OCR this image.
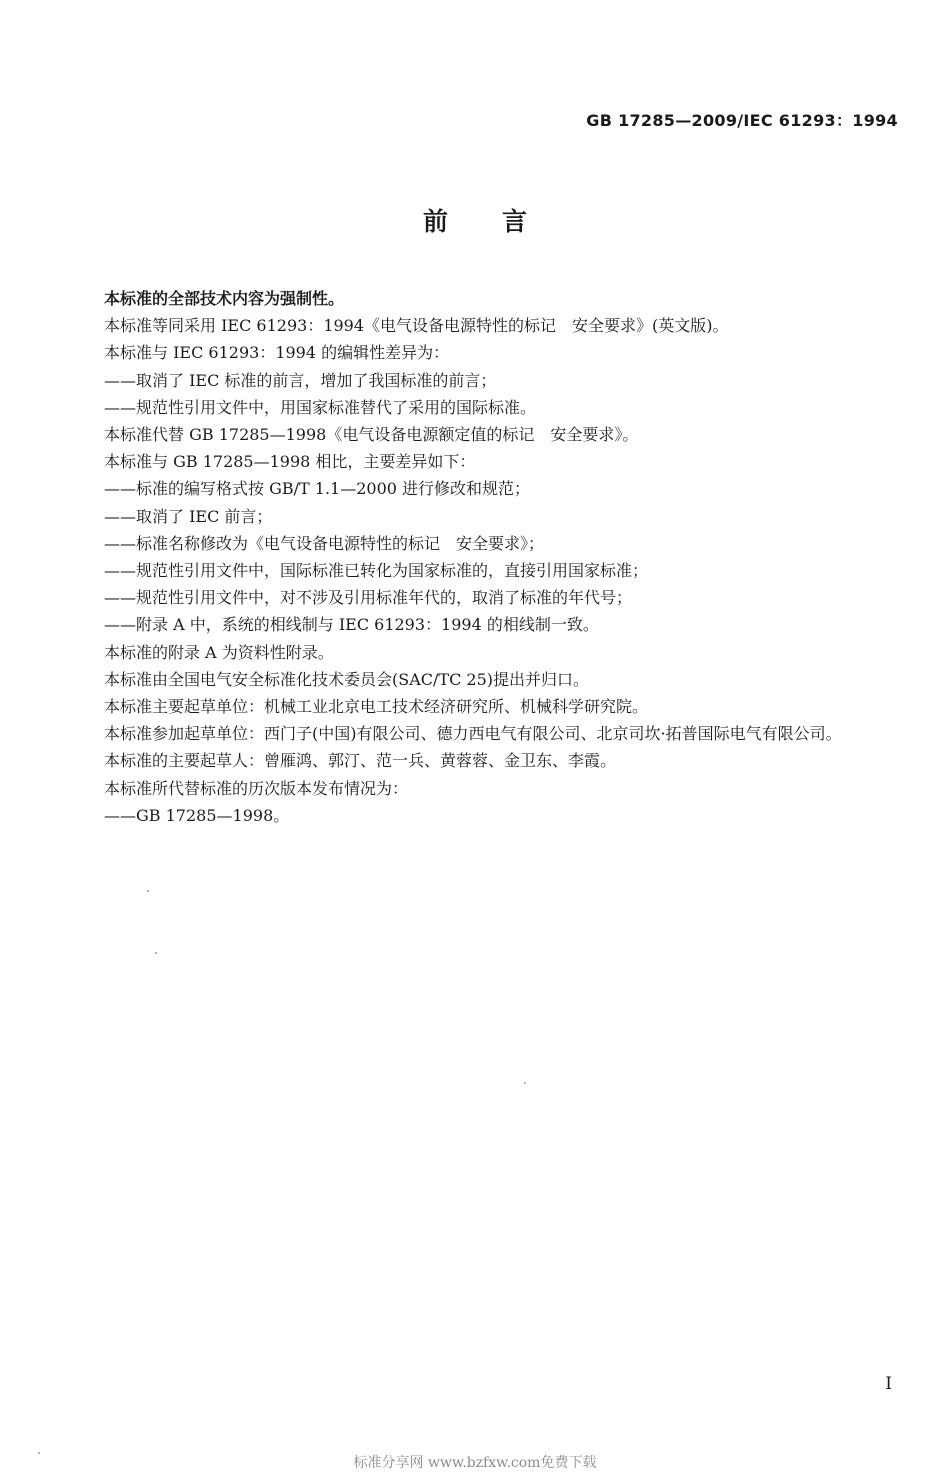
GB 17285—2009/IEC 61293：1994
前言

本标准的全部技术内容为强制性。

本标准等同采用 IEC 61293：1994《电气设备电源特性的标记　安全要求》(英文版)。

本标准与 IEC 61293：1994 的编辑性差异为：

——取消了 IEC 标准的前言，增加了我国标准的前言；

——规范性引用文件中，用国家标准替代了采用的国际标准。

本标准代替 GB 17285—1998《电气设备电源额定值的标记　安全要求》。

本标准与 GB 17285—1998 相比，主要差异如下：

——标准的编写格式按 GB/T 1.1—2000 进行修改和规范；

——取消了 IEC 前言；

——标准名称修改为《电气设备电源特性的标记　安全要求》；

——规范性引用文件中，国际标准已转化为国家标准的，直接引用国家标准；

——规范性引用文件中，对不涉及引用标准年代的，取消了标准的年代号；

——附录 A 中，系统的相线制与 IEC 61293：1994 的相线制一致。

本标准的附录 A 为资料性附录。

本标准由全国电气安全标准化技术委员会(SAC/TC 25)提出并归口。

本标准主要起草单位：机械工业北京电工技术经济研究所、机械科学研究院。

本标准参加起草单位：西门子(中国)有限公司、德力西电气有限公司、北京司坎·拓普国际电气有限公司。

本标准的主要起草人：曾雁鸿、郭汀、范一兵、黄蓉蓉、金卫东、李霞。

本标准所代替标准的历次版本发布情况为：

——GB 17285—1998。

I
标准分享网 www.bzfxw.com免费下载
